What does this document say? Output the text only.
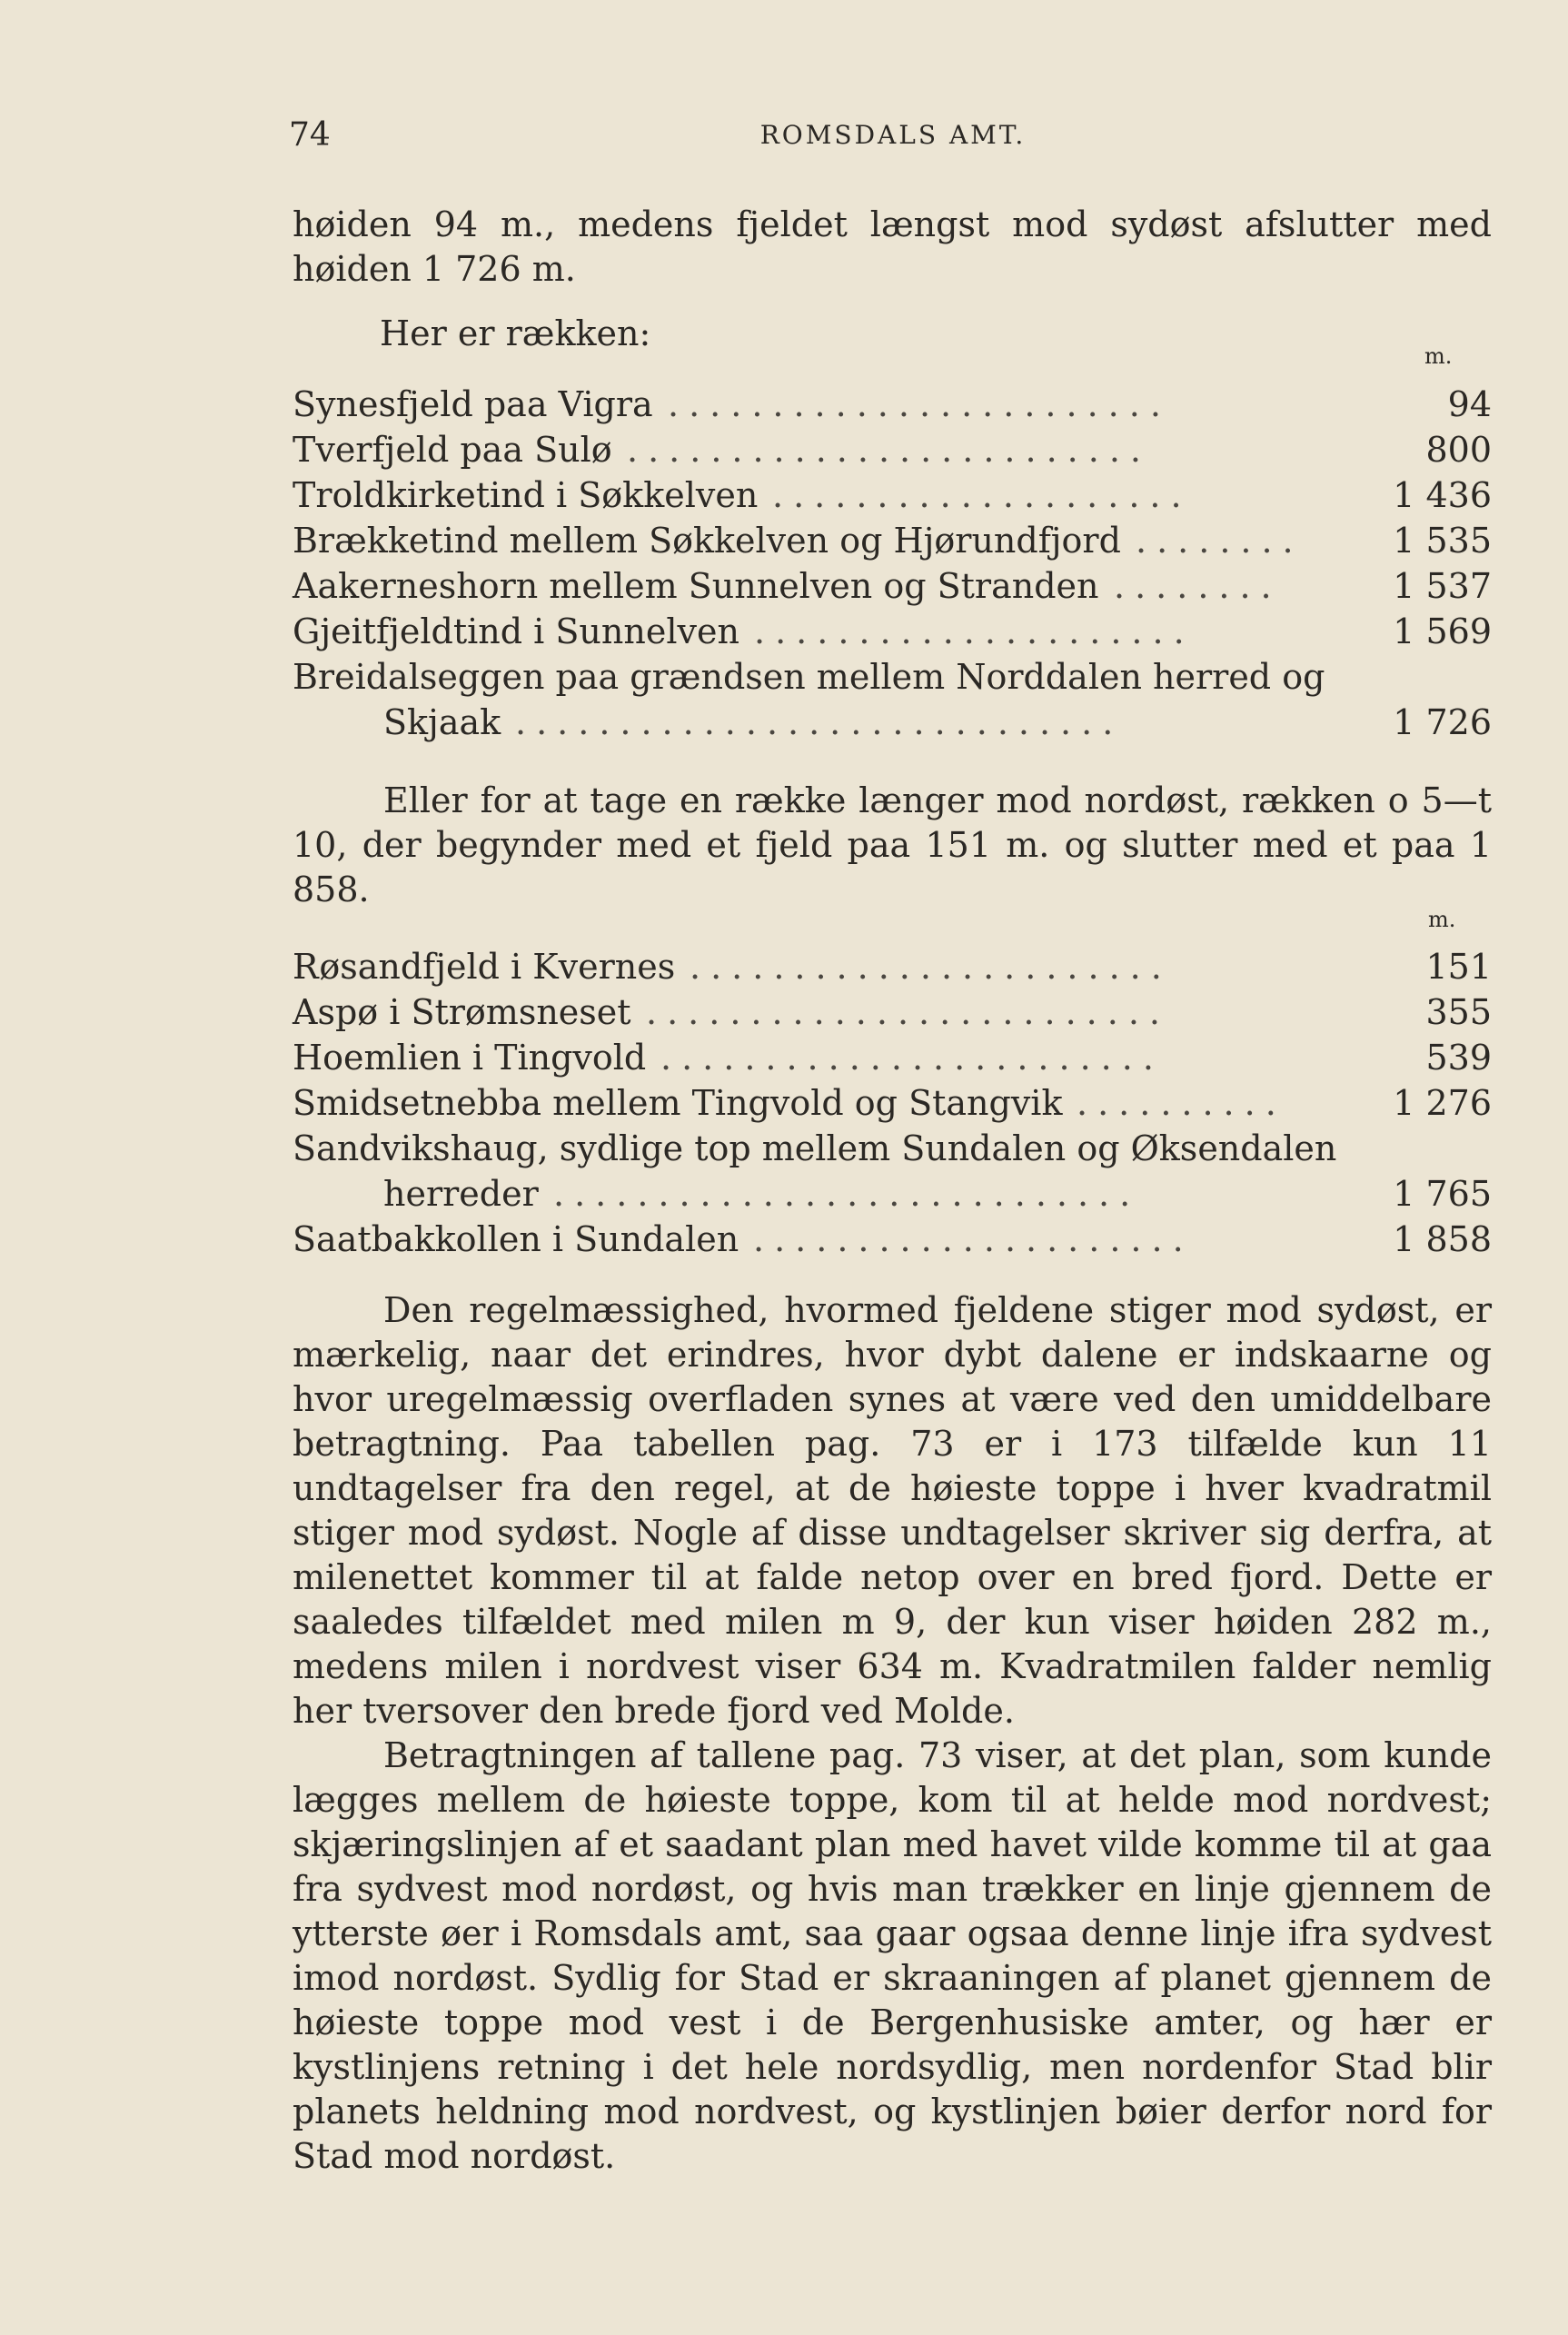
74	ROMSDALS AMT.

høiden 94 m., medens fjeldet længst mod sydøst afslutter med høiden 1 726 m.

Her er rækken:
m.
Synesfjeld paa Vigra ........................	94
Tverfjeld paa Sulø .........................	800
Troldkirketind i Søkkelven ....................	1 436
Brækketind mellem Søkkelven og Hjørundfjord ........	1 535
Aakerneshorn mellem Sunnelven og Stranden ........	1 537
Gjeitfjeldtind i Sunnelven .....................	1 569
Breidalseggen paa grændsen mellem Norddalen herred og
Skjaak .............................	1 726

Eller for at tage en række længer mod nordøst, rækken o 5—t 10, der begynder med et fjeld paa 151 m. og slutter med et paa 1 858.

m.
Røsandfjeld i Kvernes .......................	151
Aspø i Strømsneset .........................	355
Hoemlien i Tingvold ........................	539
Smidsetnebba mellem Tingvold og Stangvik ..........	1 276
Sandvikshaug, sydlige top mellem Sundalen og Øksendalen
herreder ............................	1 765
Saatbakkollen i Sundalen .....................	1 858

Den regelmæssighed, hvormed fjeldene stiger mod sydøst, er mærkelig, naar det erindres, hvor dybt dalene er indskaarne og hvor uregelmæssig overfladen synes at være ved den umiddelbare betragtning. Paa tabellen pag. 73 er i 173 tilfælde kun 11 undtagelser fra den regel, at de høieste toppe i hver kvadratmil stiger mod sydøst. Nogle af disse undtagelser skriver sig derfra, at milenettet kommer til at falde netop over en bred fjord. Dette er saaledes tilfældet med milen m 9, der kun viser høiden 282 m., medens milen i nordvest viser 634 m. Kvadratmilen falder nemlig her tversover den brede fjord ved Molde.

Betragtningen af tallene pag. 73 viser, at det plan, som kunde lægges mellem de høieste toppe, kom til at helde mod nordvest; skjæringslinjen af et saadant plan med havet vilde komme til at gaa fra sydvest mod nordøst, og hvis man trækker en linje gjennem de ytterste øer i Romsdals amt, saa gaar ogsaa denne linje ifra sydvest imod nordøst. Sydlig for Stad er skraaningen af planet gjennem de høieste toppe mod vest i de Bergenhusiske amter, og hær er kystlinjens retning i det hele nordsydlig, men nordenfor Stad blir planets heldning mod nordvest, og kystlinjen bøier derfor nord for Stad mod nordøst.
